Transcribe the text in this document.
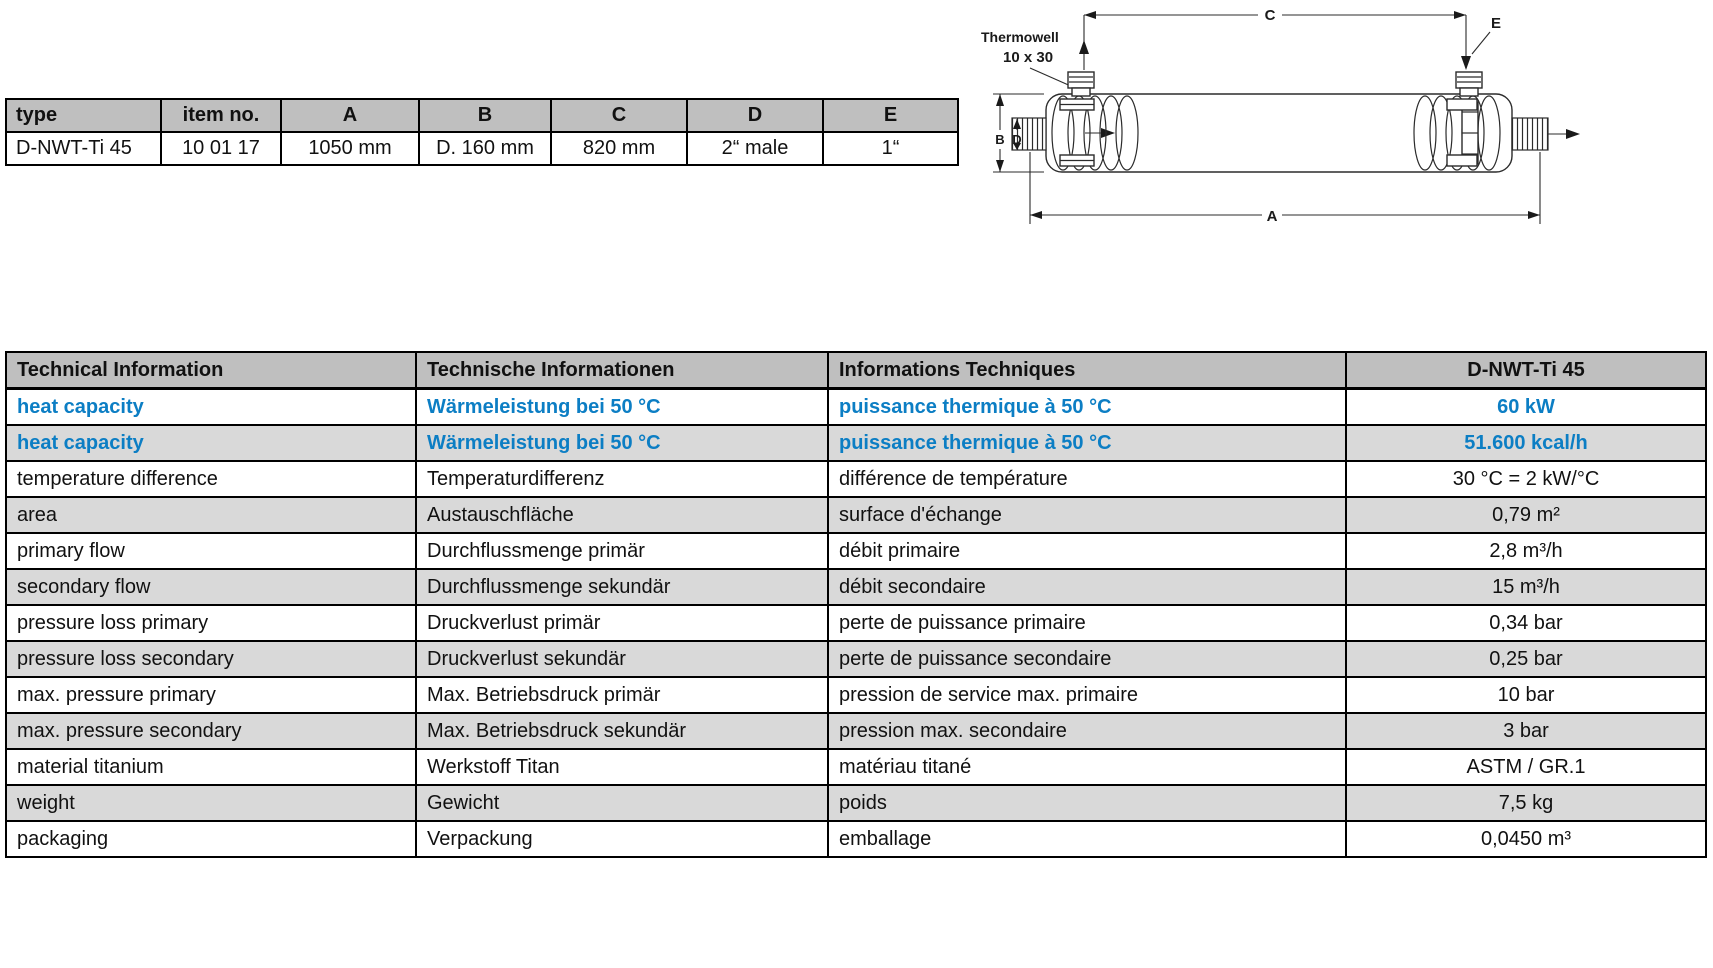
type	item no.	A	B	C	D	E
D-NWT-Ti 45	10 01 17	1050 mm	D. 160 mm	820 mm	2“ male	1“
C	E
Thermowell
10 x 30
B D
A
Technical Information	Technische Informationen	Informations Techniques	D-NWT-Ti 45
heat capacity	Wärmeleistung bei 50 °C	puissance thermique à 50 °C	60 kW
heat capacity	Wärmeleistung bei 50 °C	puissance thermique à 50 °C	51.600 kcal/h
temperature difference	Temperaturdifferenz	différence de température	30 °C = 2 kW/°C
area	Austauschfläche	surface d'échange	0,79 m²
primary flow	Durchflussmenge primär	débit primaire	2,8 m³/h
secondary flow	Durchflussmenge sekundär	débit secondaire	15 m³/h
pressure loss primary	Druckverlust primär	perte de puissance primaire	0,34 bar
pressure loss secondary	Druckverlust sekundär	perte de puissance secondaire	0,25 bar
max. pressure primary	Max. Betriebsdruck primär	pression de service max. primaire	10 bar
max. pressure secondary	Max. Betriebsdruck sekundär	pression max. secondaire	3 bar
material titanium	Werkstoff Titan	matériau titané	ASTM / GR.1
weight	Gewicht	poids	7,5 kg
packaging	Verpackung	emballage	0,0450 m³
